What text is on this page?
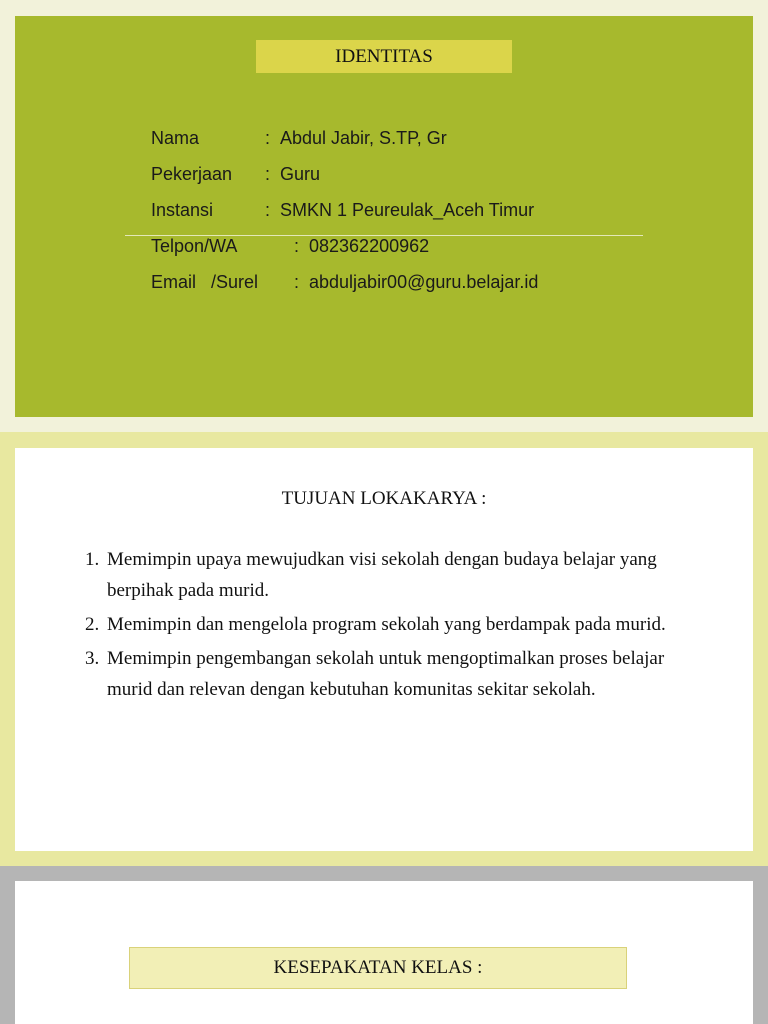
IDENTITAS
Nama	: Abdul Jabir, S.TP, Gr
Pekerjaan : Guru
Instansi	: SMKN 1 Peureulak_Aceh Timur
Telpon/WA	: 082362200962
Email   /Surel : abduljabir00@guru.belajar.id
TUJUAN LOKAKARYA :
1. Memimpin upaya mewujudkan visi sekolah dengan budaya belajar yang berpihak pada murid.
2. Memimpin dan mengelola program sekolah yang berdampak pada murid.
3. Memimpin pengembangan sekolah untuk mengoptimalkan proses belajar murid dan relevan dengan kebutuhan komunitas sekitar sekolah.
KESEPAKATAN KELAS :
